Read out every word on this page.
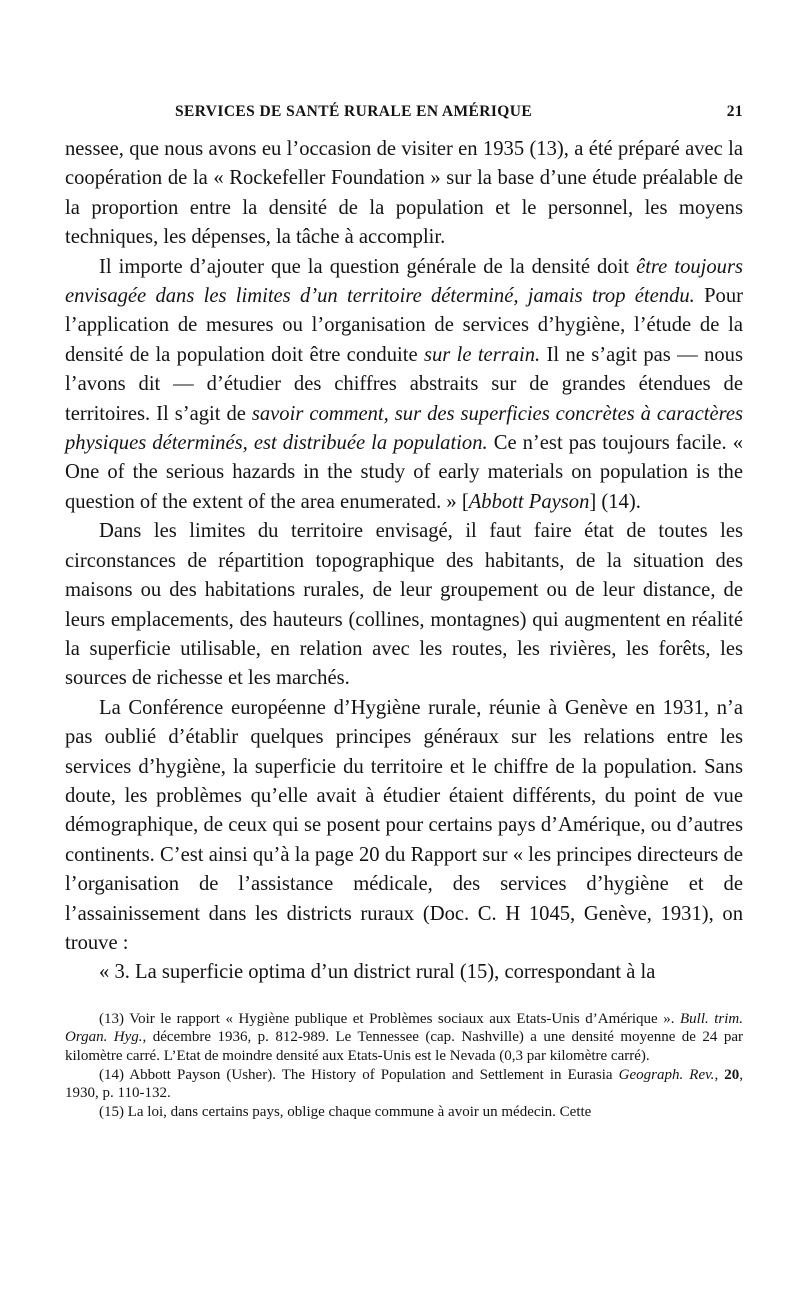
SERVICES DE SANTÉ RURALE EN AMÉRIQUE	21

nessee, que nous avons eu l’occasion de visiter en 1935 (13), a été préparé avec la coopération de la « Rockefeller Foundation » sur la base d’une étude préalable de la proportion entre la densité de la population et le personnel, les moyens techniques, les dépenses, la tâche à accomplir.

Il importe d’ajouter que la question générale de la densité doit être toujours envisagée dans les limites d’un territoire déterminé, jamais trop étendu. Pour l’application de mesures ou l’organisation de services d’hygiène, l’étude de la densité de la population doit être conduite sur le terrain. Il ne s’agit pas — nous l’avons dit — d’étudier des chiffres abstraits sur de grandes étendues de territoires. Il s’agit de savoir comment, sur des superficies concrètes à caractères physiques déterminés, est distribuée la population. Ce n’est pas toujours facile. « One of the serious hazards in the study of early materials on population is the question of the extent of the area enumerated. » [Abbott Payson] (14).

Dans les limites du territoire envisagé, il faut faire état de toutes les circonstances de répartition topographique des habitants, de la situation des maisons ou des habitations rurales, de leur groupement ou de leur distance, de leurs emplacements, des hauteurs (collines, montagnes) qui augmentent en réalité la superficie utilisable, en relation avec les routes, les rivières, les forêts, les sources de richesse et les marchés.

La Conférence européenne d’Hygiène rurale, réunie à Genève en 1931, n’a pas oublié d’établir quelques principes généraux sur les relations entre les services d’hygiène, la superficie du territoire et le chiffre de la population. Sans doute, les problèmes qu’elle avait à étudier étaient différents, du point de vue démographique, de ceux qui se posent pour certains pays d’Amérique, ou d’autres continents. C’est ainsi qu’à la page 20 du Rapport sur « les principes directeurs de l’organisation de l’assistance médicale, des services d’hygiène et de l’assainissement dans les districts ruraux (Doc. C. H 1045, Genève, 1931), on trouve :

« 3. La superficie optima d’un district rural (15), correspondant à la

(13) Voir le rapport « Hygiène publique et Problèmes sociaux aux Etats-Unis d’Amérique ». Bull. trim. Organ. Hyg., décembre 1936, p. 812-989. Le Tennessee (cap. Nashville) a une densité moyenne de 24 par kilomètre carré. L’Etat de moindre densité aux Etats-Unis est le Nevada (0,3 par kilomètre carré).

(14) Abbott Payson (Usher). The History of Population and Settlement in Eurasia Geograph. Rev., 20, 1930, p. 110-132.

(15) La loi, dans certains pays, oblige chaque commune à avoir un médecin. Cette
